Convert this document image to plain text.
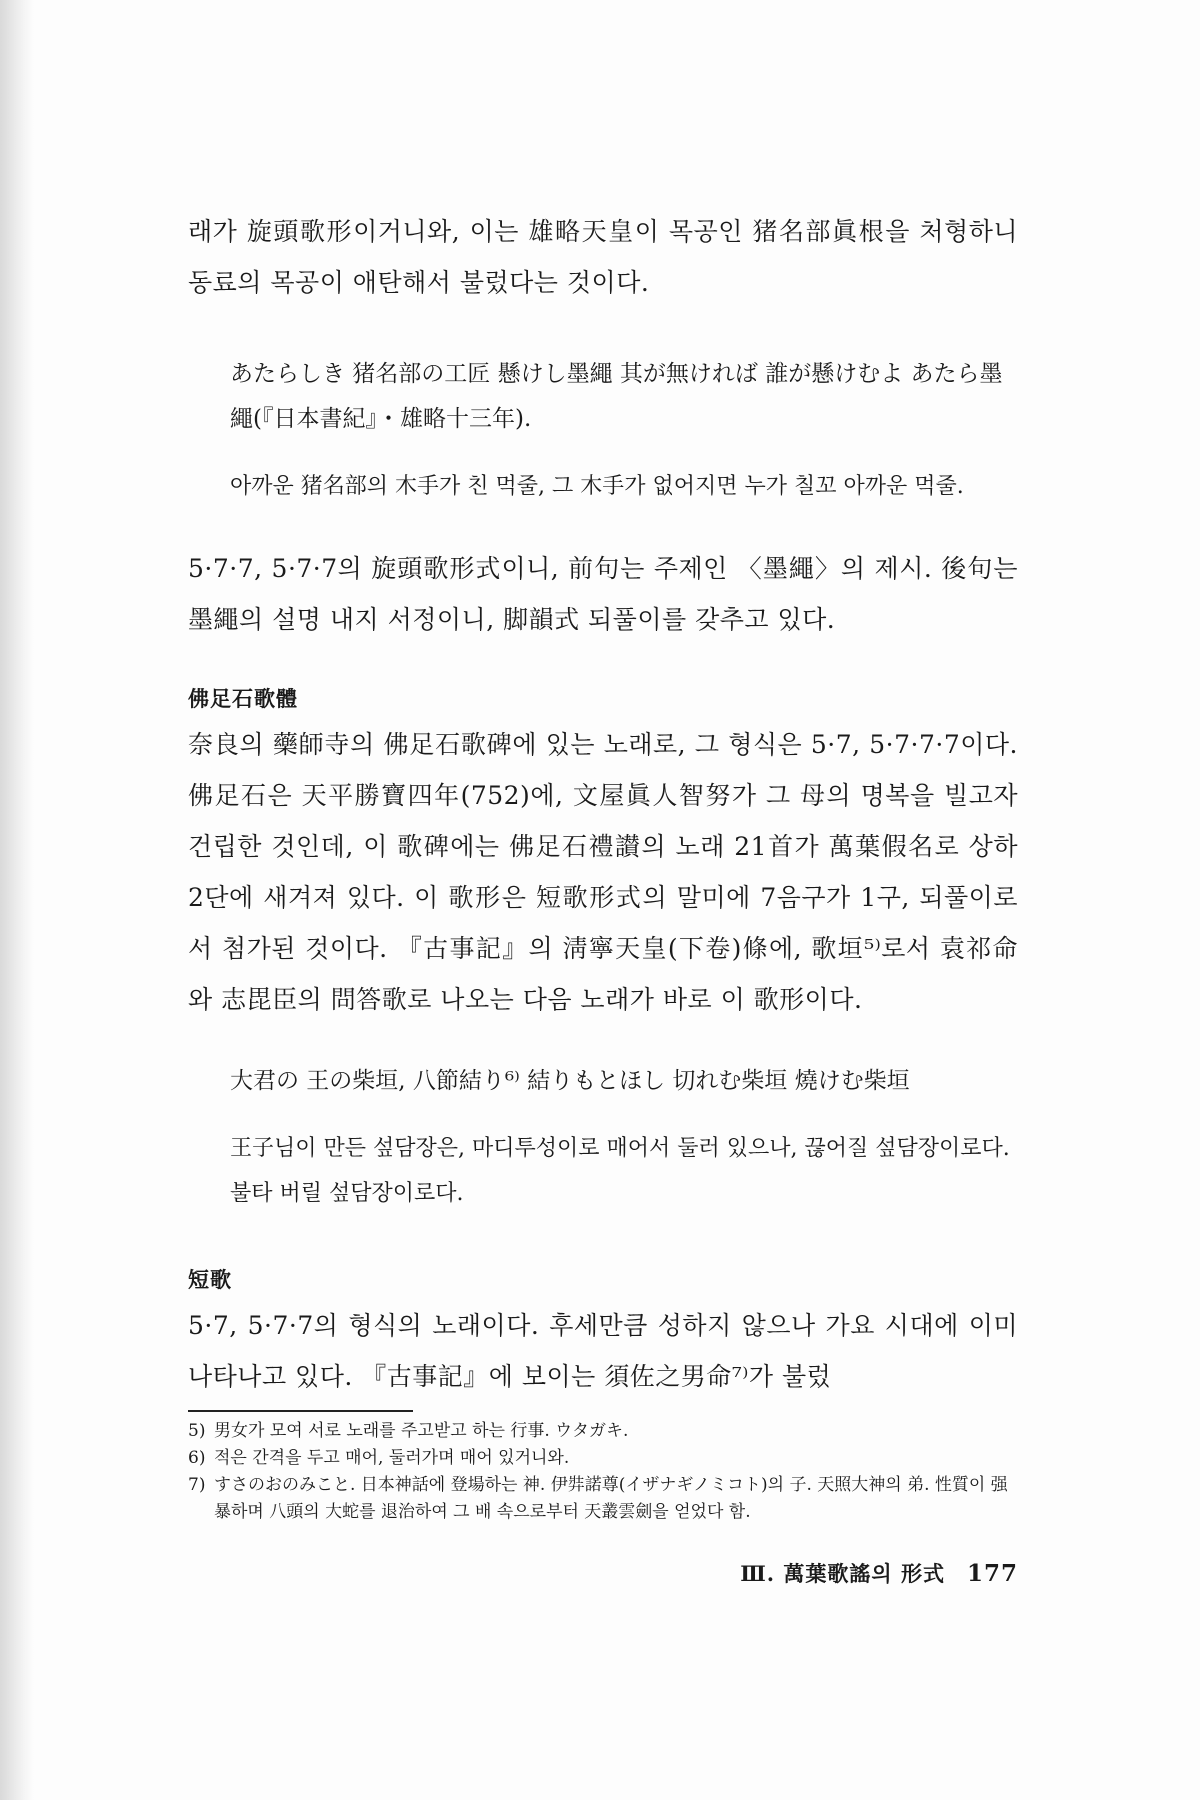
래가 旋頭歌形이거니와, 이는 雄略天皇이 목공인 猪名部眞根을 처형하니 동료의 목공이 애탄해서 불렀다는 것이다.

あたらしき 猪名部の工匠 懸けし墨繩 其が無ければ 誰が懸けむよ あたら墨繩(『日本書紀』・雄略十三年).

아까운 猪名部의 木手가 친 먹줄, 그 木手가 없어지면 누가 칠꼬 아까운 먹줄.

5·7·7, 5·7·7의 旋頭歌形式이니, 前句는 주제인 〈墨繩〉의 제시. 後句는 墨繩의 설명 내지 서정이니, 脚韻式 되풀이를 갖추고 있다.

佛足石歌體

奈良의 藥師寺의 佛足石歌碑에 있는 노래로, 그 형식은 5·7, 5·7·7·7이다. 佛足石은 天平勝寶四年(752)에, 文屋眞人智努가 그 母의 명복을 빌고자 건립한 것인데, 이 歌碑에는 佛足石禮讃의 노래 21首가 萬葉假名로 상하 2단에 새겨져 있다. 이 歌形은 短歌形式의 말미에 7음구가 1구, 되풀이로서 첨가된 것이다. 『古事記』의 淸寧天皇(下卷)條에, 歌垣⁵⁾로서 袁祁命와 志毘臣의 問答歌로 나오는 다음 노래가 바로 이 歌形이다.

大君の 王の柴垣, 八節結り⁶⁾ 結りもとほし 切れむ柴垣 燒けむ柴垣

王子님이 만든 섶담장은, 마디투성이로 매어서 둘러 있으나, 끊어질 섶담장이로다. 불타 버릴 섶담장이로다.

短歌

5·7, 5·7·7의 형식의 노래이다. 후세만큼 성하지 않으나 가요 시대에 이미 나타나고 있다. 『古事記』에 보이는 須佐之男命⁷⁾가 불렀

5) 男女가 모여 서로 노래를 주고받고 하는 行事. ウタガキ.
6) 적은 간격을 두고 매어, 둘러가며 매어 있거니와.
7) すさのおのみこと. 日本神話에 登場하는 神. 伊弉諾尊(イザナギノミコト)의 子. 天照大神의 弟. 性質이 强暴하며 八頭의 大蛇를 退治하여 그 배 속으로부터 天叢雲劍을 얻었다 함.
Ⅲ. 萬葉歌謠의 形式 177
